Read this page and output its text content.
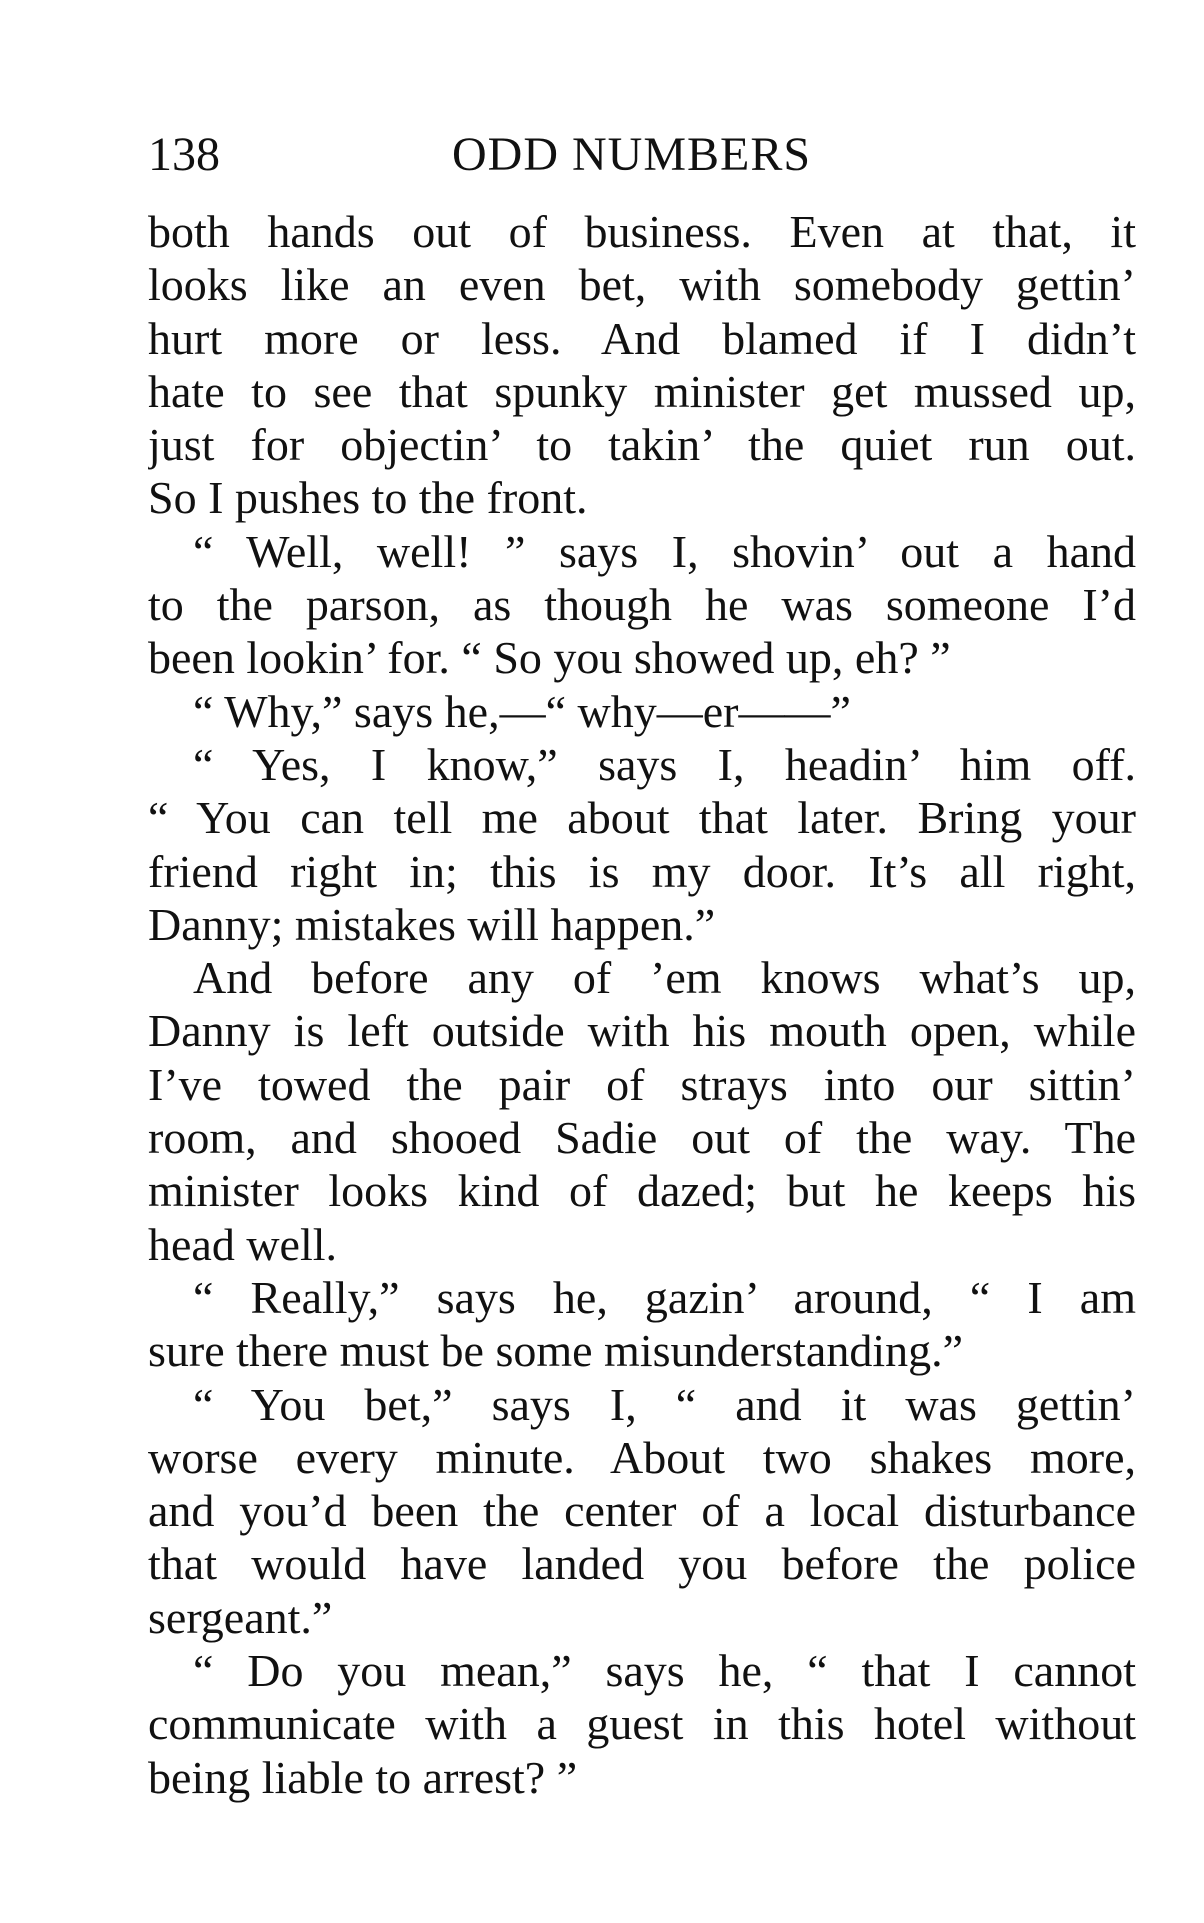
138	ODD NUMBERS
both hands out of business. Even at that, it
looks like an even bet, with somebody gettin’
hurt more or less. And blamed if I didn’t
hate to see that spunky minister get mussed up,
just for objectin’ to takin’ the quiet run out.
So I pushes to the front.
“ Well, well! ” says I, shovin’ out a hand
to the parson, as though he was someone I’d
been lookin’ for. “ So you showed up, eh? ”
“ Why,” says he,—“ why—er——”
“ Yes, I know,” says I, headin’ him off.
“ You can tell me about that later. Bring your
friend right in; this is my door. It’s all right,
Danny; mistakes will happen.”
And before any of ’em knows what’s up,
Danny is left outside with his mouth open, while
I’ve towed the pair of strays into our sittin’
room, and shooed Sadie out of the way. The
minister looks kind of dazed; but he keeps his
head well.
“ Really,” says he, gazin’ around, “ I am
sure there must be some misunderstanding.”
“ You bet,” says I, “ and it was gettin’
worse every minute. About two shakes more,
and you’d been the center of a local disturbance
that would have landed you before the police
sergeant.”
“ Do you mean,” says he, “ that I cannot
communicate with a guest in this hotel without
being liable to arrest? ”
